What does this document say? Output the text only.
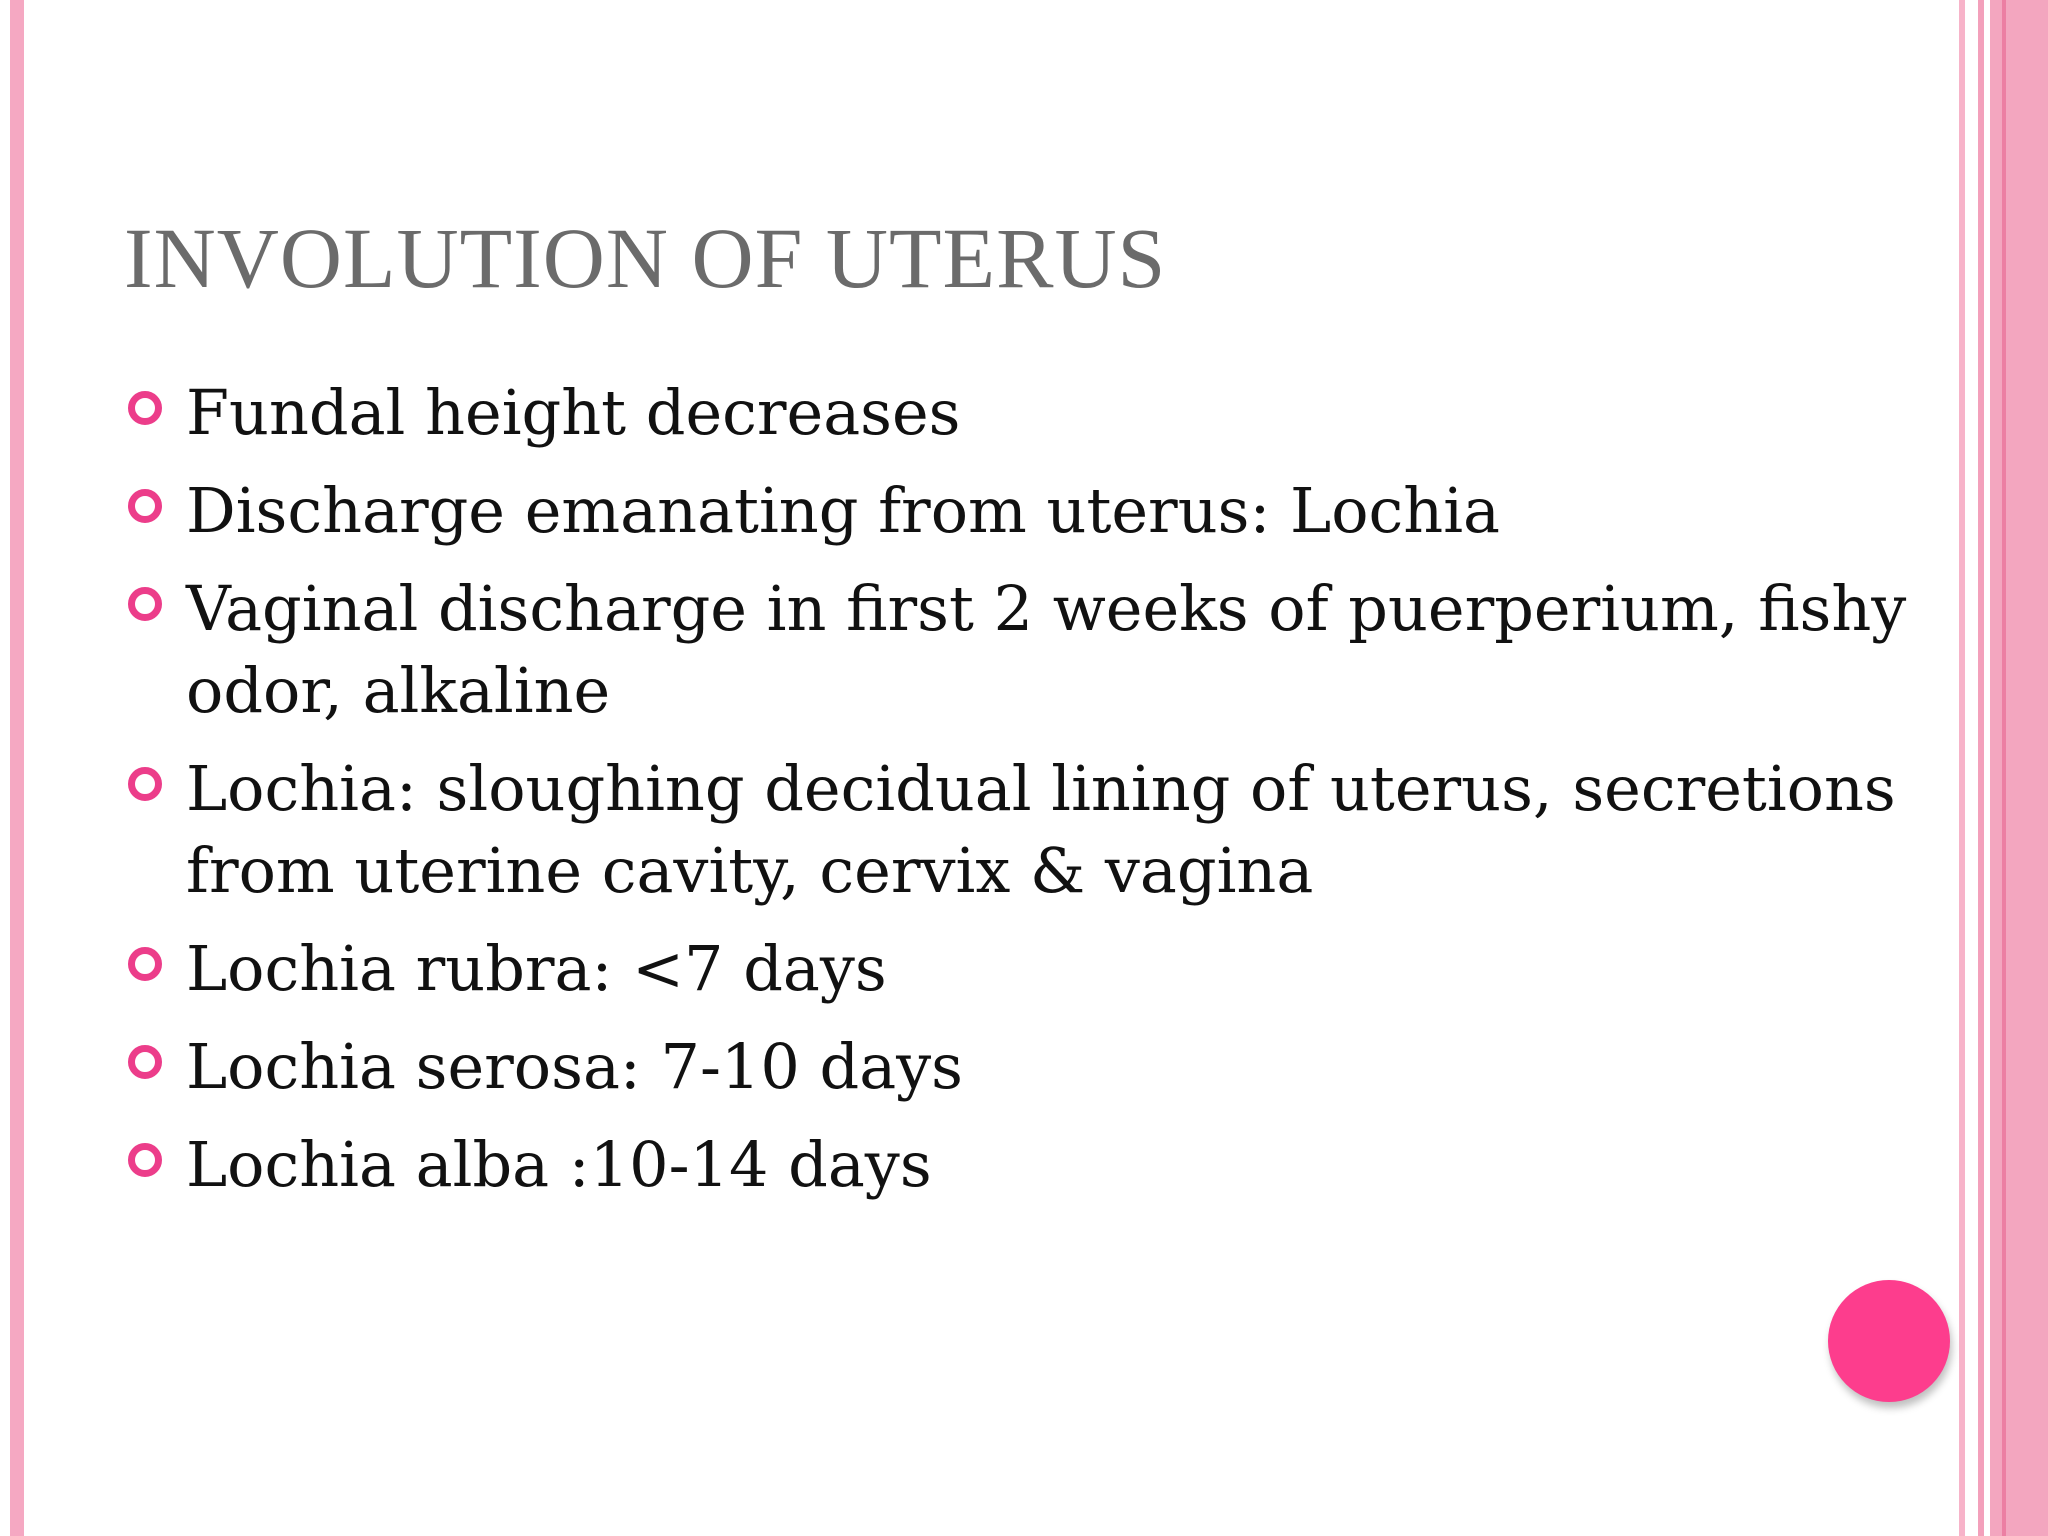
INVOLUTION OF UTERUS
Fundal height decreases
Discharge emanating from uterus: Lochia
Vaginal discharge in first 2 weeks of puerperium, fishy odor, alkaline
Lochia: sloughing decidual lining of uterus, secretions from uterine cavity, cervix & vagina
Lochia rubra: <7 days
Lochia serosa: 7-10 days
Lochia alba :10-14 days
